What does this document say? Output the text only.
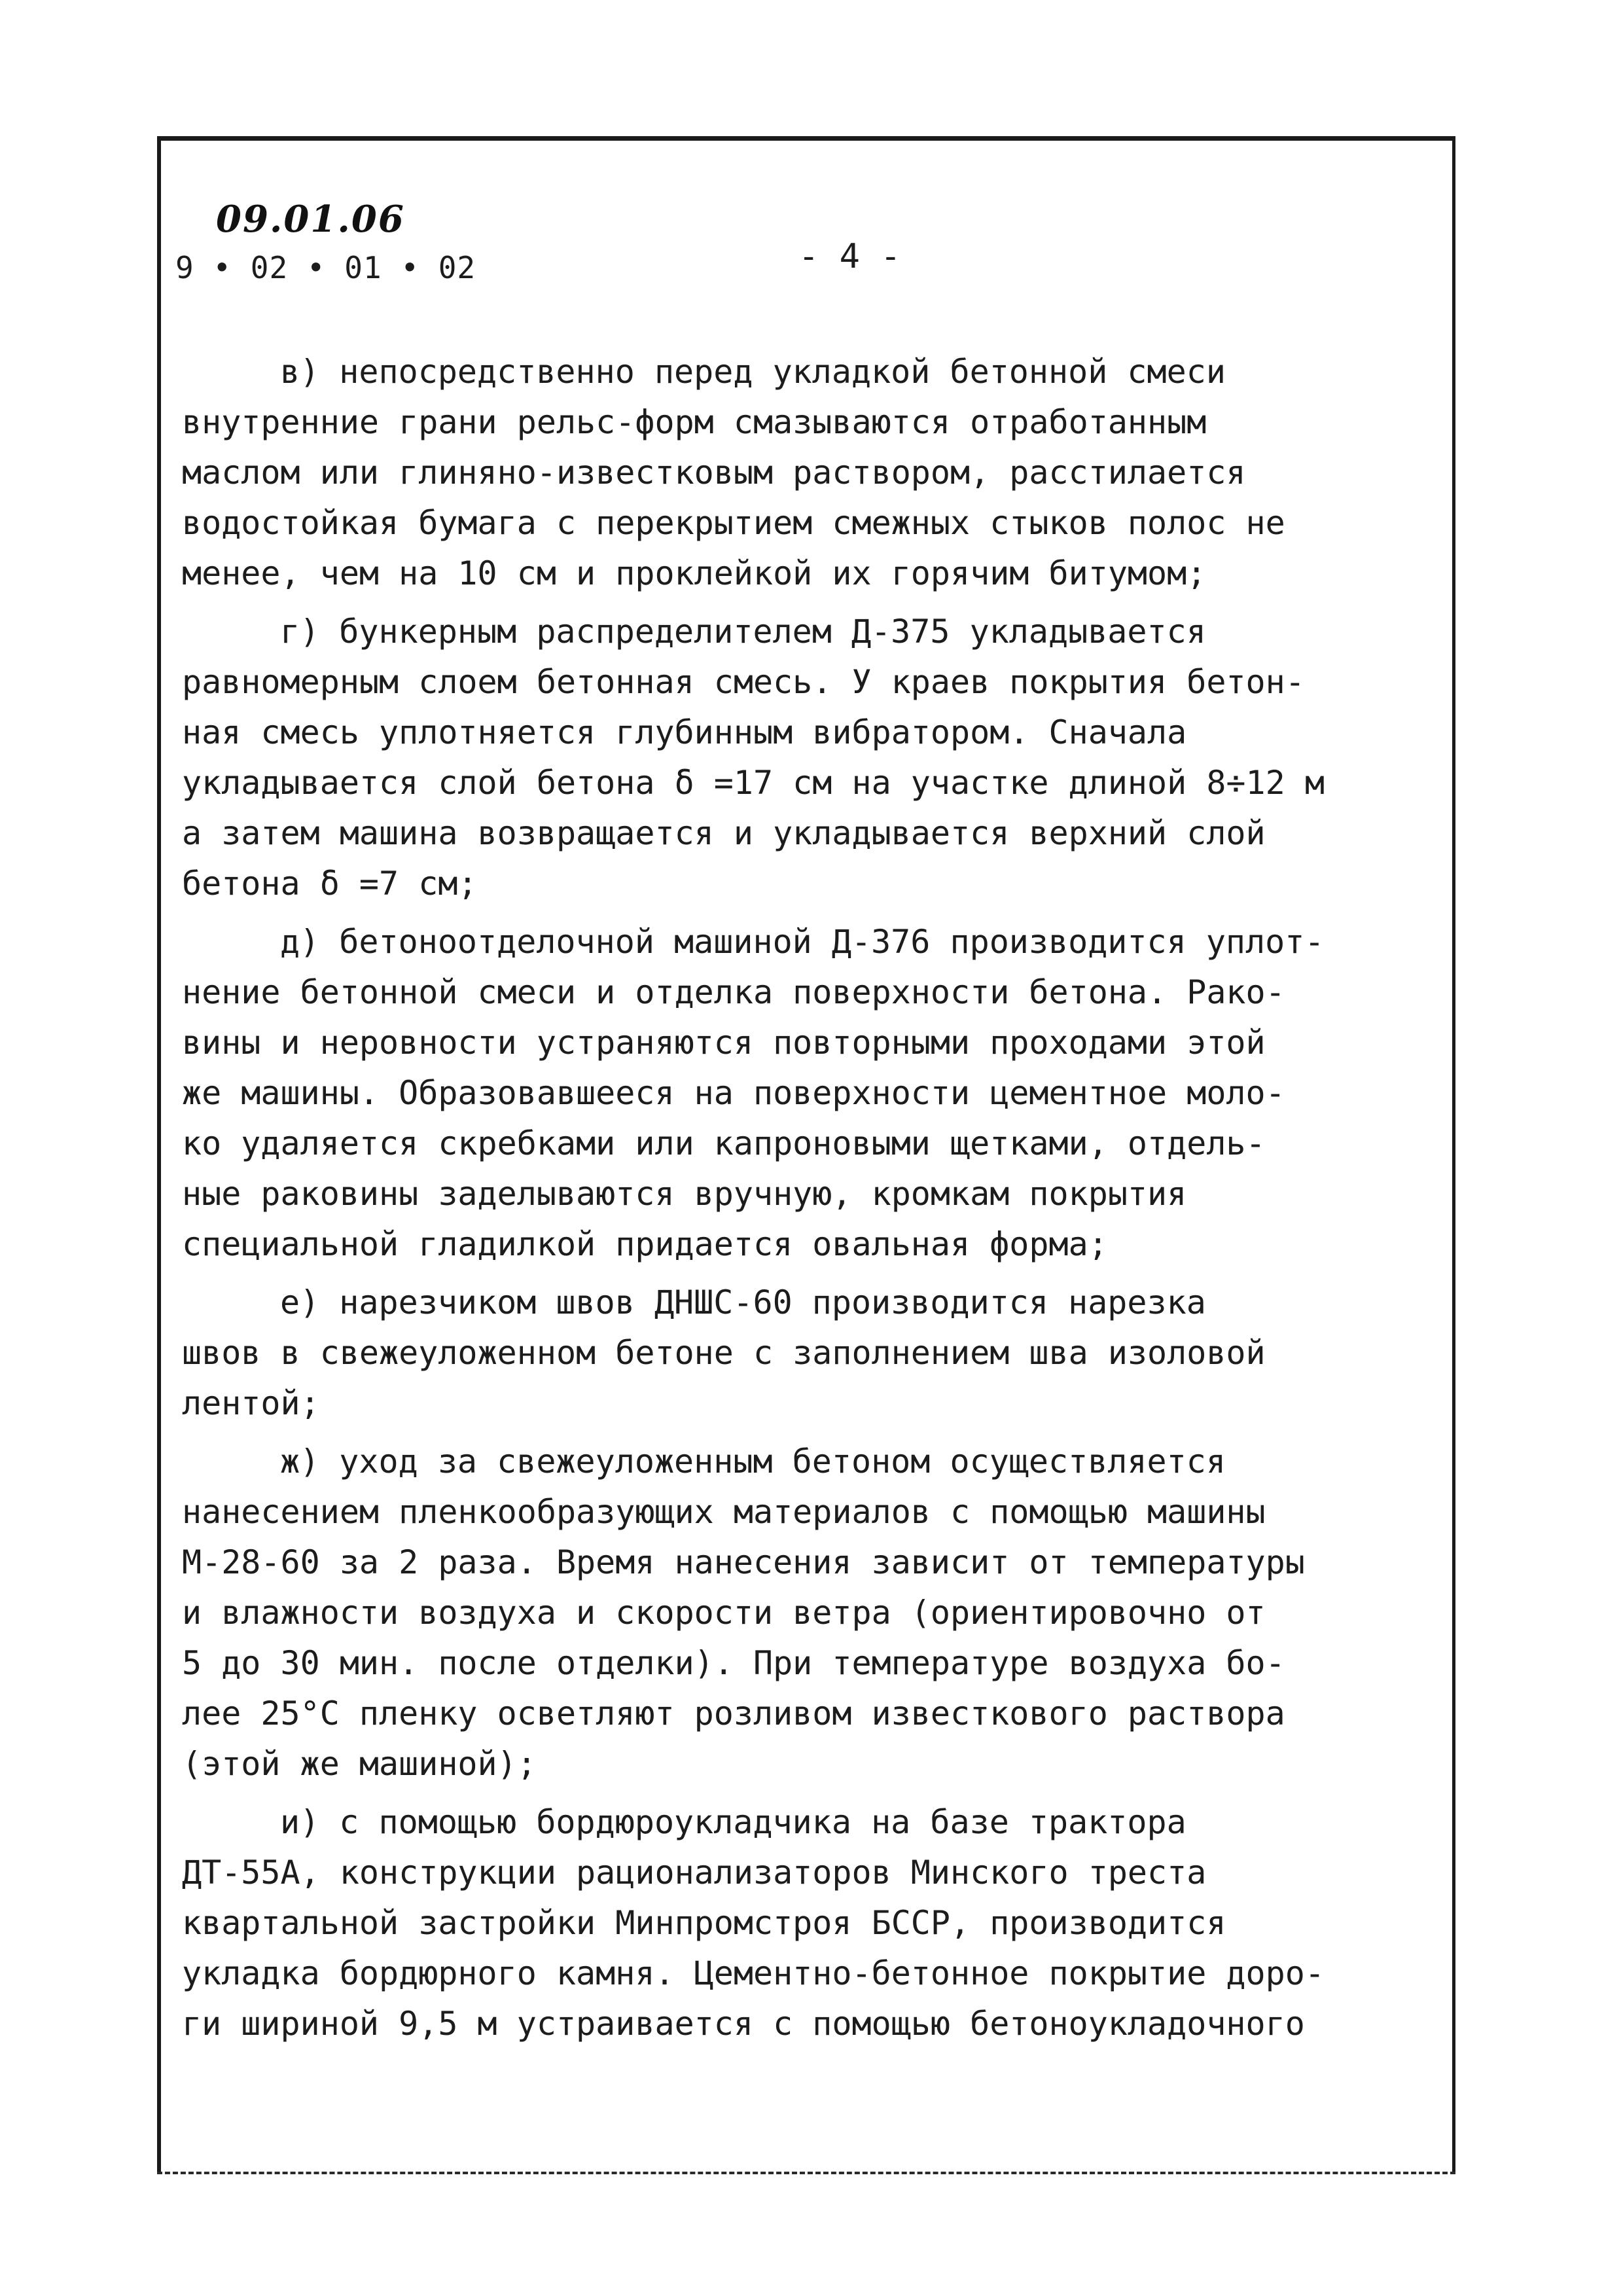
09.01.06
9 • 02 • 01 • 02	- 4 -
в) непосредственно перед укладкой бетонной смеси
внутренние грани рельс-форм смазываются отработанным
маслом или глиняно-известковым раствором, расстилается
водостойкая бумага с перекрытием смежных стыков полос не
менее, чем на 10 см и проклейкой их горячим битумом;
г) бункерным распределителем Д-375 укладывается
равномерным слоем бетонная смесь. У краев покрытия бетон-
ная смесь уплотняется глубинным вибратором. Сначала
укладывается слой бетона δ =17 см на участке длиной 8÷12 м
а затем машина возвращается и укладывается верхний слой
бетона δ =7 см;
д) бетоноотделочной машиной Д-376 производится уплот-
нение бетонной смеси и отделка поверхности бетона. Рако-
вины и неровности устраняются повторными проходами этой
же машины. Образовавшееся на поверхности цементное моло-
ко удаляется скребками или капроновыми щетками, отдель-
ные раковины заделываются вручную, кромкам покрытия
специальной гладилкой придается овальная форма;
е) нарезчиком швов ДНШС-60 производится нарезка
швов в свежеуложенном бетоне с заполнением шва изоловой
лентой;
ж) уход за свежеуложенным бетоном осуществляется
нанесением пленкообразующих материалов с помощью машины
М-28-60 за 2 раза. Время нанесения зависит от температуры
и влажности воздуха и скорости ветра (ориентировочно от
5 до 30 мин. после отделки). При температуре воздуха бо-
лее 25°С пленку осветляют розливом известкового раствора
(этой же машиной);
и) с помощью бордюроукладчика на базе трактора
ДТ-55А, конструкции рационализаторов Минского треста
квартальной застройки Минпромстроя БССР, производится
укладка бордюрного камня. Цементно-бетонное покрытие доро-
ги шириной 9,5 м устраивается с помощью бетоноукладочного
